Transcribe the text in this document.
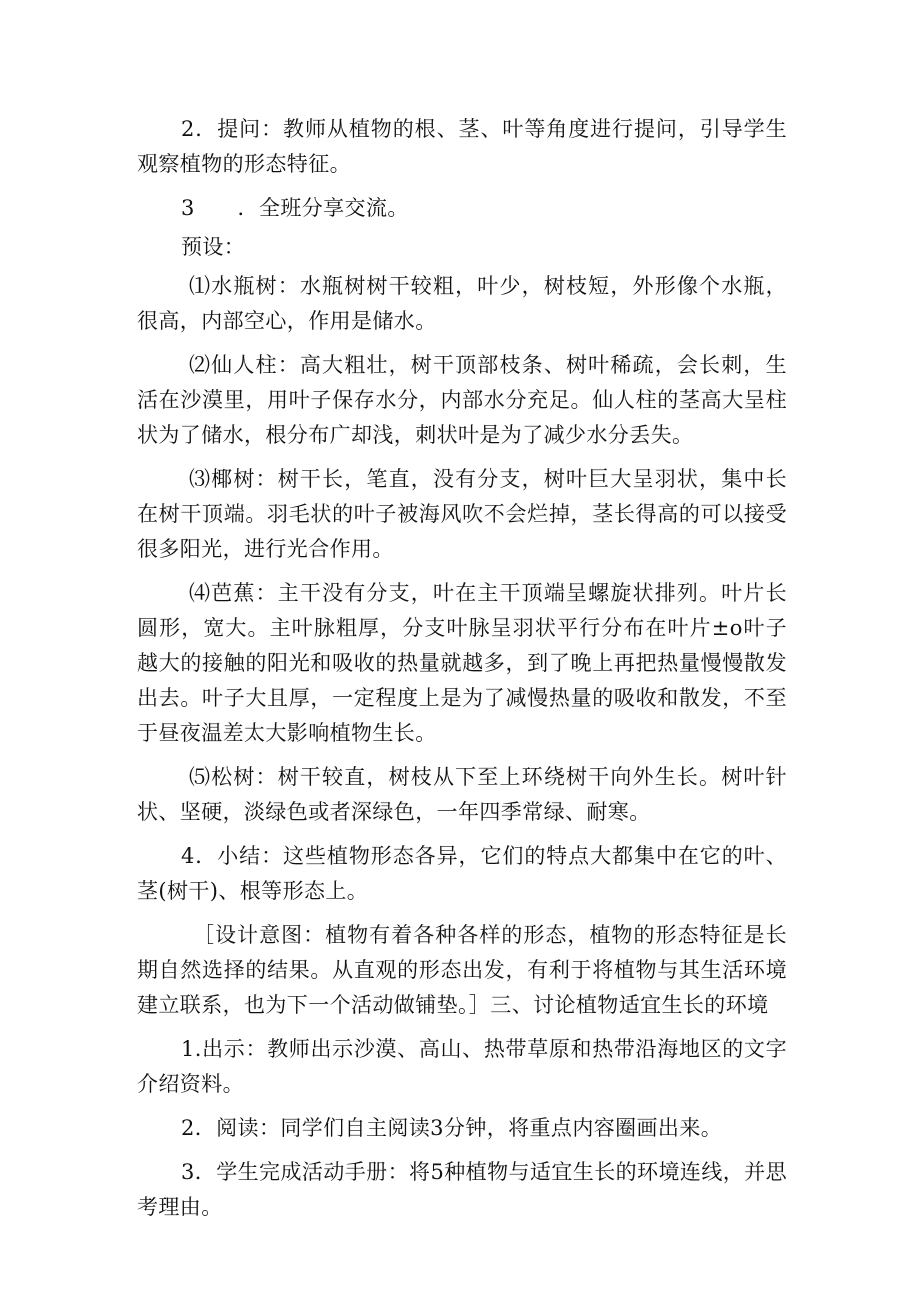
2．提问：教师从植物的根、茎、叶等角度进行提问，引导学生观察植物的形态特征。

3　　．全班分享交流。

预设：

⑴水瓶树：水瓶树树干较粗，叶少，树枝短，外形像个水瓶，很高，内部空心，作用是储水。

⑵仙人柱：高大粗壮，树干顶部枝条、树叶稀疏，会长刺，生活在沙漠里，用叶子保存水分，内部水分充足。仙人柱的茎高大呈柱状为了储水，根分布广却浅，刺状叶是为了减少水分丢失。

⑶椰树：树干长，笔直，没有分支，树叶巨大呈羽状，集中长在树干顶端。羽毛状的叶子被海风吹不会烂掉，茎长得高的可以接受很多阳光，进行光合作用。

⑷芭蕉：主干没有分支，叶在主干顶端呈螺旋状排列。叶片长圆形，宽大。主叶脉粗厚，分支叶脉呈羽状平行分布在叶片±o叶子越大的接触的阳光和吸收的热量就越多，到了晚上再把热量慢慢散发出去。叶子大且厚，一定程度上是为了减慢热量的吸收和散发，不至于昼夜温差太大影响植物生长。

⑸松树：树干较直，树枝从下至上环绕树干向外生长。树叶针状、坚硬，淡绿色或者深绿色，一年四季常绿、耐寒。

4．小结：这些植物形态各异，它们的特点大都集中在它的叶、茎(树干)、根等形态上。

［设计意图：植物有着各种各样的形态，植物的形态特征是长期自然选择的结果。从直观的形态出发，有利于将植物与其生活环境建立联系，也为下一个活动做铺垫。］三、讨论植物适宜生长的环境

1.出示：教师出示沙漠、高山、热带草原和热带沿海地区的文字介绍资料。

2．阅读：同学们自主阅读3分钟，将重点内容圈画出来。

3．学生完成活动手册：将5种植物与适宜生长的环境连线，并思考理由。
